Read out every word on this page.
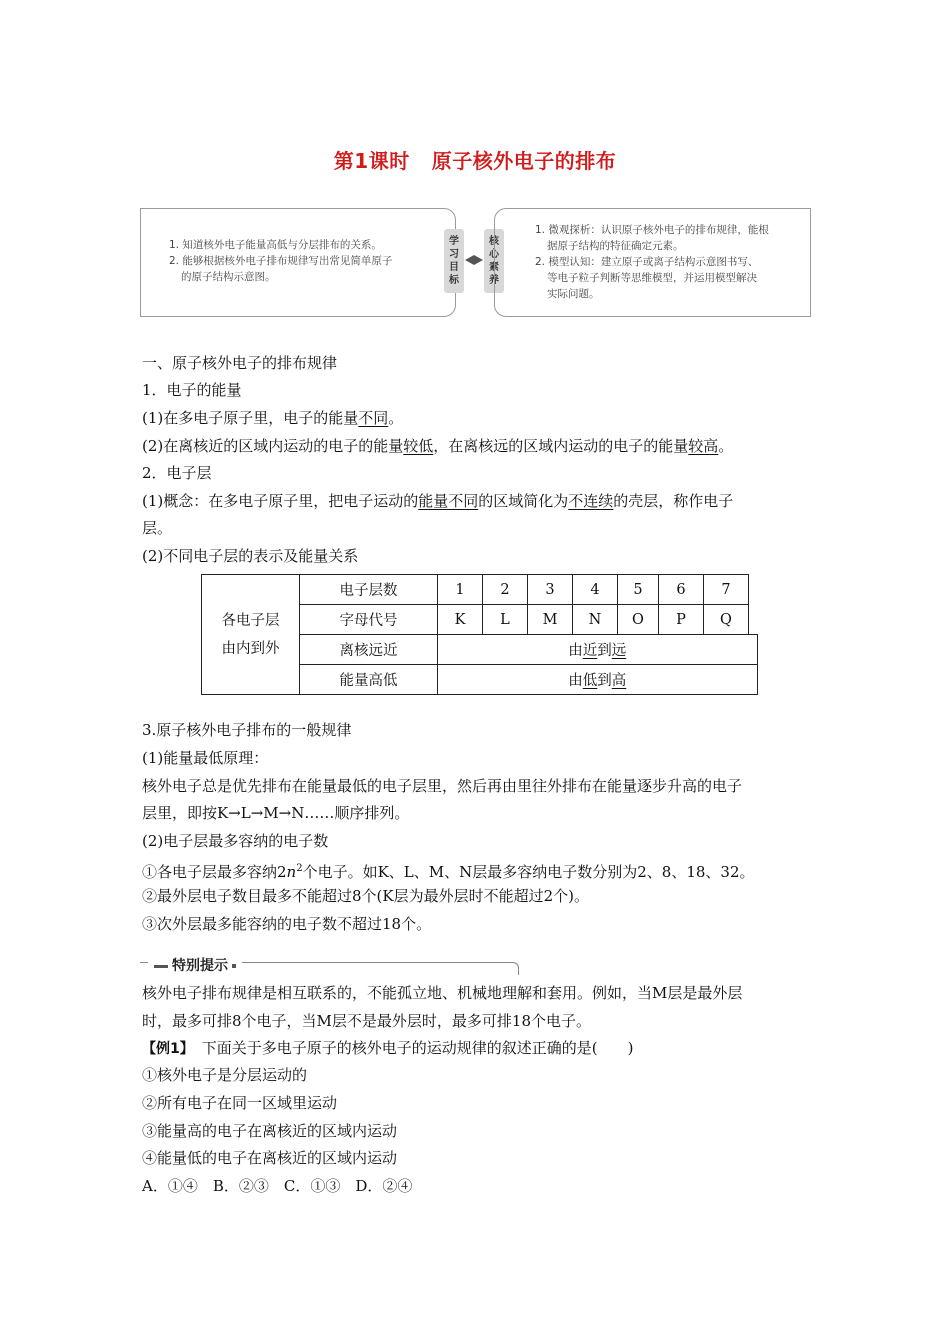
第1课时 原子核外电子的排布
1. 知道核外电子能量高低与分层排布的关系。
2. 能够根据核外电子排布规律写出常见简单原子
的原子结构示意图。
学
习
目
标
核
心
素
养
1. 微观探析：认识原子核外电子的排布规律，能根
据原子结构的特征确定元素。
2. 模型认知：建立原子或离子结构示意图书写、
等电子粒子判断等思维模型，并运用模型解决
实际问题。
一、原子核外电子的排布规律
1．电子的能量
(1)在多电子原子里，电子的能量不同。
(2)在离核近的区域内运动的电子的能量较低，在离核远的区域内运动的电子的能量较高。
2．电子层
(1)概念：在多电子原子里，把电子运动的能量不同的区域简化为不连续的壳层，称作电子
层。
(2)不同电子层的表示及能量关系
各电子层
由内到外	电子层数	1	2	3	4	5	6	7	
	字母代号	K	L	M	N	O	P	Q	
	离核远近	由近到远							
	能量高低	由低到高							
3.原子核外电子排布的一般规律
(1)能量最低原理：
核外电子总是优先排布在能量最低的电子层里，然后再由里往外排布在能量逐步升高的电子
层里，即按K→L→M→N……顺序排列。
(2)电子层最多容纳的电子数
①各电子层最多容纳$2n^2$个电子。如K、L、M、N层最多容纳电子数分别为2、8、18、32。
②最外层电子数目最多不能超过8个(K层为最外层时不能超过2个)。
③次外层最多能容纳的电子数不超过18个。
特别提示
核外电子排布规律是相互联系的，不能孤立地、机械地理解和套用。例如，当M层是最外层
时，最多可排8个电子，当M层不是最外层时，最多可排18个电子。
【例1】 下面关于多电子原子的核外电子的运动规律的叙述正确的是(　　)
①核外电子是分层运动的
②所有电子在同一区域里运动
③能量高的电子在离核近的区域内运动
④能量低的电子在离核近的区域内运动
A．①④　B．②③　C．①③　D．②④
